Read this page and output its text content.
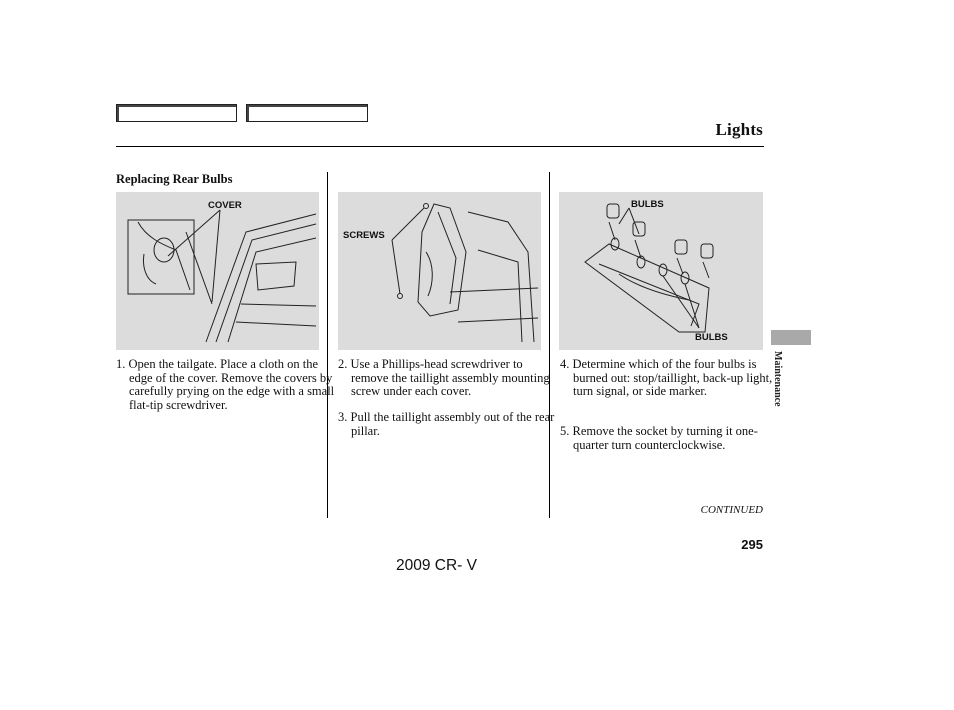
Lights
Replacing Rear Bulbs
COVER
SCREWS
BULBS
BULBS
1. Open the tailgate. Place a cloth on the edge of the cover. Remove the covers by carefully prying on the edge with a small flat-tip screwdriver.
2. Use a Phillips-head screwdriver to remove the taillight assembly mounting screw under each cover.
3. Pull the taillight assembly out of the rear pillar.
4. Determine which of the four bulbs is burned out: stop/taillight, back-up light, turn signal, or side marker.
5. Remove the socket by turning it one-quarter turn counterclockwise.
CONTINUED
295
2009 CR- V
Maintenance
